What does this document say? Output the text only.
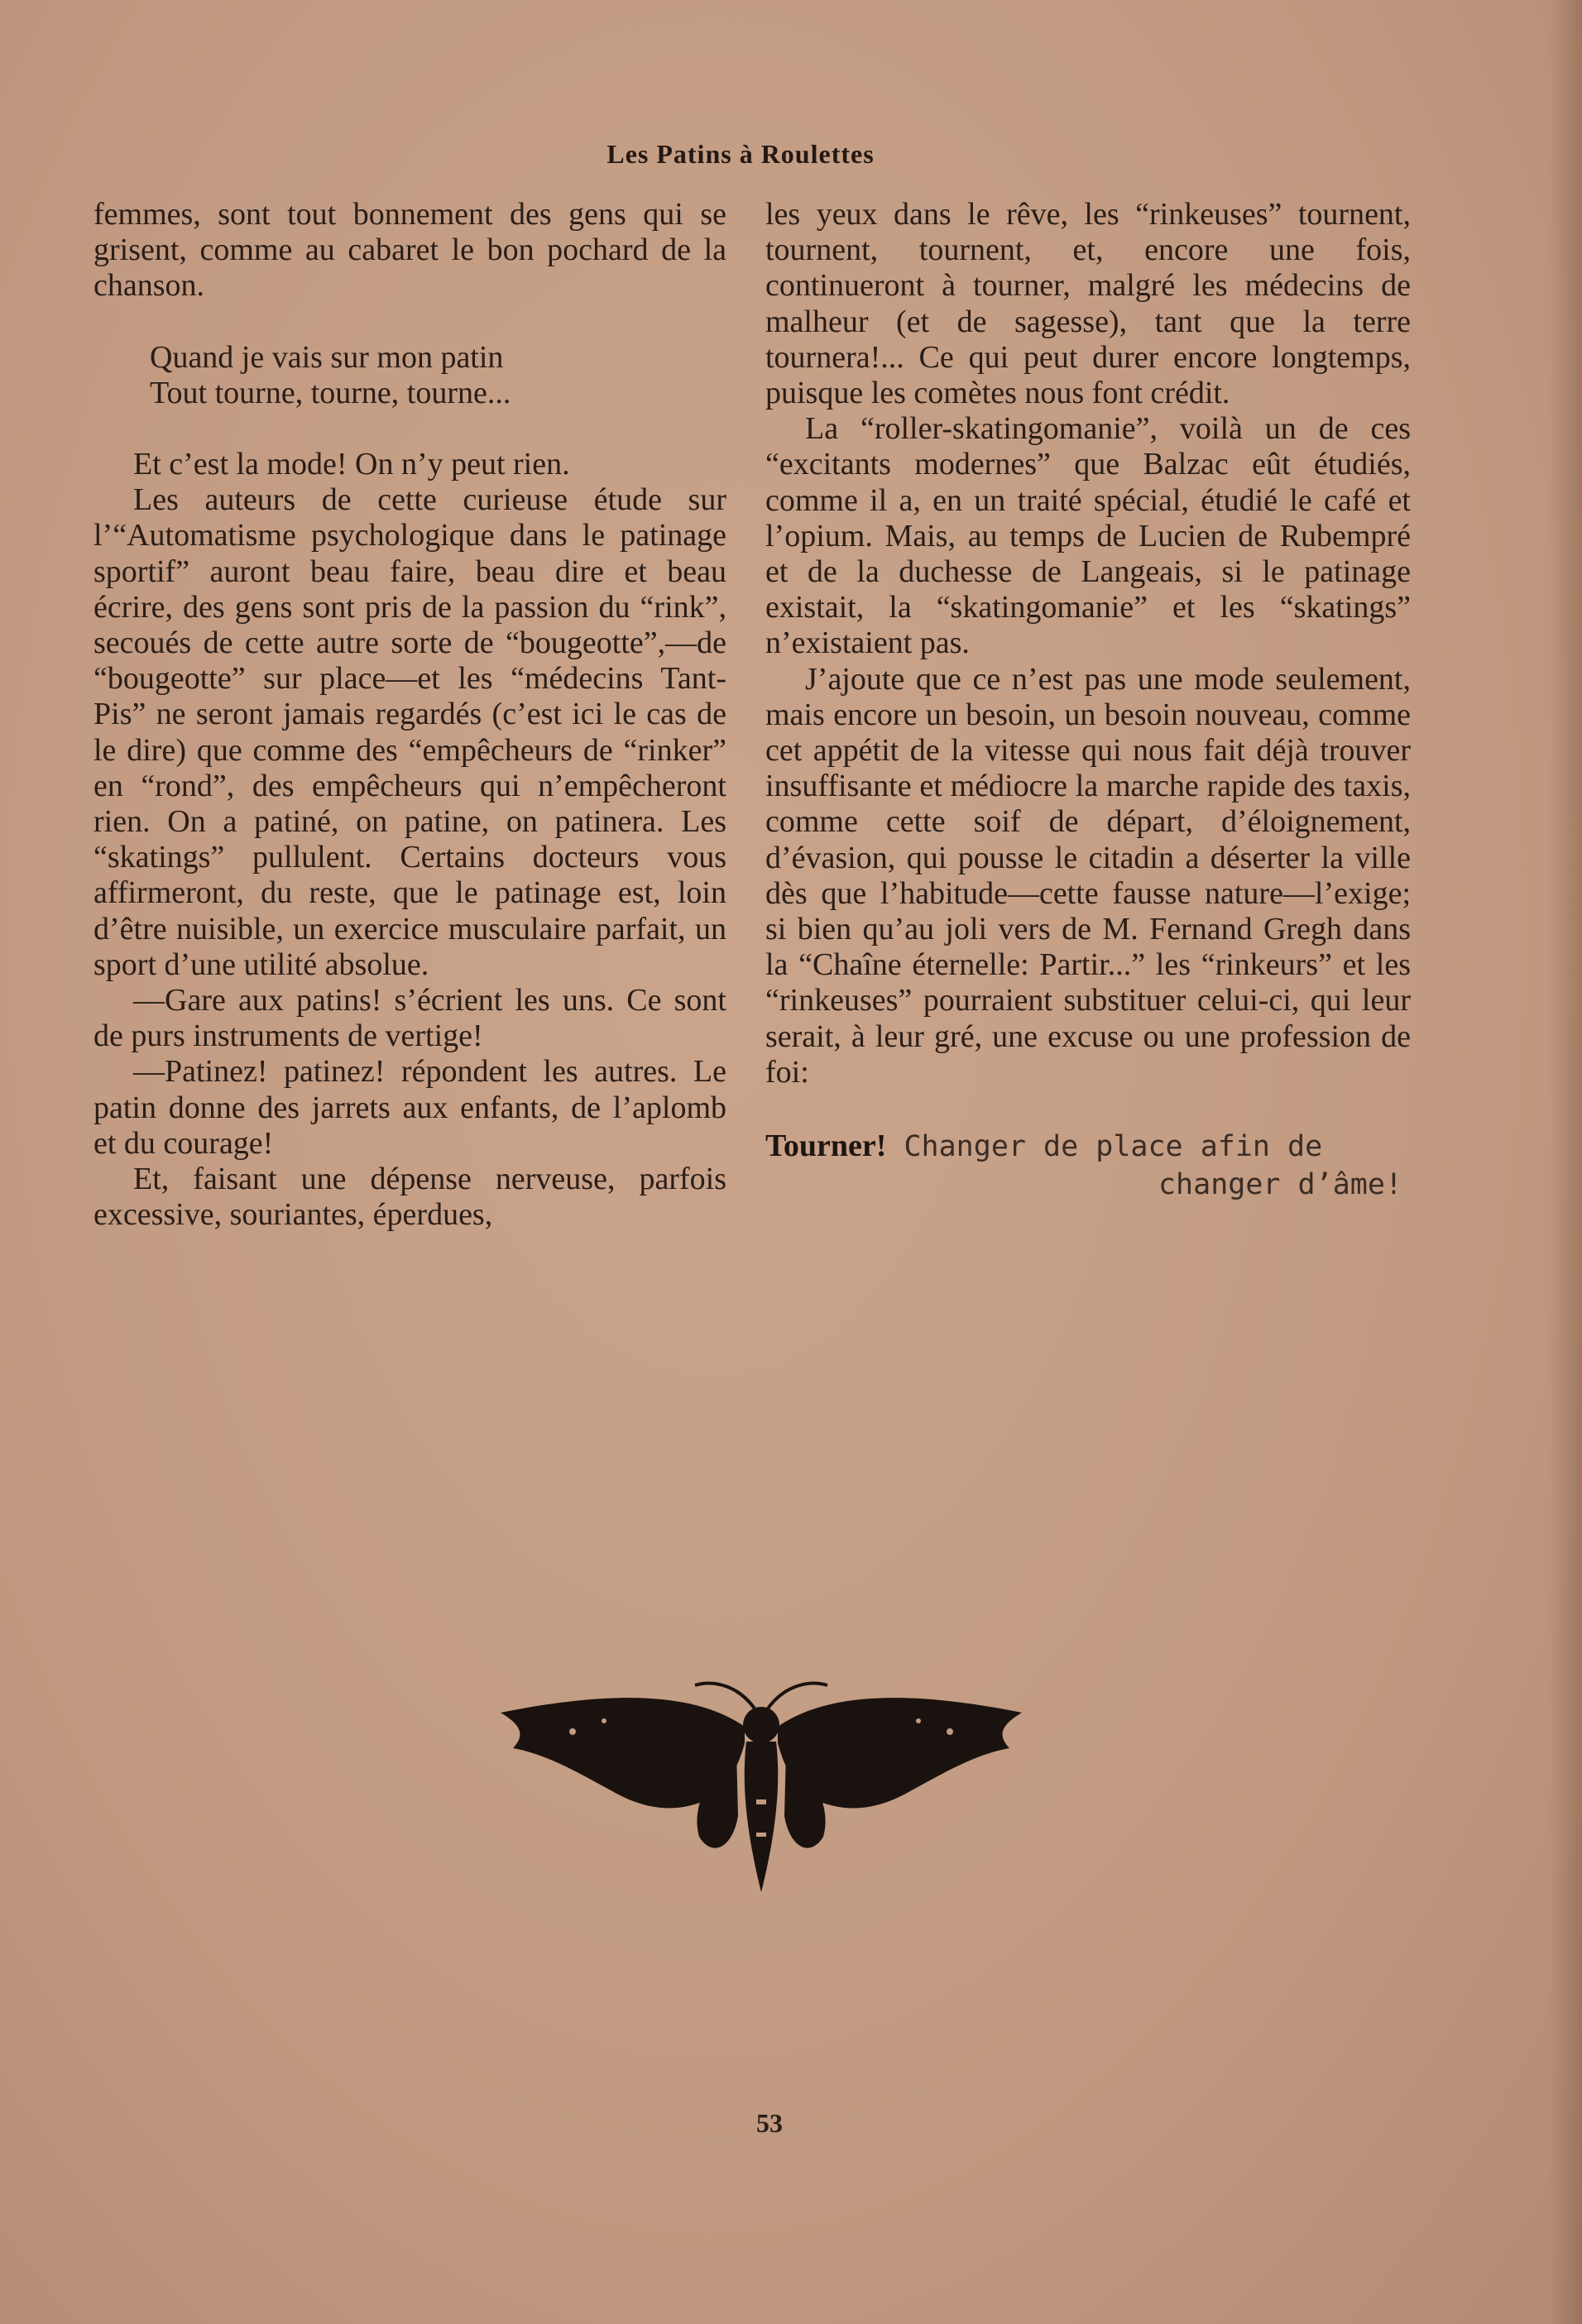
Les Patins à Roulettes

femmes, sont tout bonnement des gens qui se grisent, comme au cabaret le bon pochard de la chanson.

Quand je vais sur mon patin
Tout tourne, tourne, tourne...

Et c’est la mode! On n’y peut rien.

Les auteurs de cette curieuse étude sur l’“Automatisme psychologique dans le patinage sportif” auront beau faire, beau dire et beau écrire, des gens sont pris de la passion du “rink”, secoués de cette autre sorte de “bougeotte”,—de “bougeotte” sur place—et les “médecins Tant-Pis” ne seront jamais regardés (c’est ici le cas de le dire) que comme des “empêcheurs de “rinker” en “rond”, des empêcheurs qui n’empêcheront rien. On a patiné, on patine, on patinera. Les “skatings” pullulent. Certains docteurs vous affirmeront, du reste, que le patinage est, loin d’être nuisible, un exercice musculaire parfait, un sport d’une utilité absolue.

—Gare aux patins! s’écrient les uns. Ce sont de purs instruments de vertige!

—Patinez! patinez! répondent les autres. Le patin donne des jarrets aux enfants, de l’aplomb et du courage!

Et, faisant une dépense nerveuse, parfois excessive, souriantes, éperdues,

les yeux dans le rêve, les “rinkeuses” tournent, tournent, tournent, et, encore une fois, continueront à tourner, malgré les médecins de malheur (et de sagesse), tant que la terre tournera!... Ce qui peut durer encore longtemps, puisque les comètes nous font crédit.

La “roller-skatingomanie”, voilà un de ces “excitants modernes” que Balzac eût étudiés, comme il a, en un traité spécial, étudié le café et l’opium. Mais, au temps de Lucien de Rubempré et de la duchesse de Langeais, si le patinage existait, la “skatingomanie” et les “skatings” n’existaient pas.

J’ajoute que ce n’est pas une mode seulement, mais encore un besoin, un besoin nouveau, comme cet appétit de la vitesse qui nous fait déjà trouver insuffisante et médiocre la marche rapide des taxis, comme cette soif de départ, d’éloignement, d’évasion, qui pousse le citadin a déserter la ville dès que l’habitude—cette fausse nature—l’exige; si bien qu’au joli vers de M. Fernand Gregh dans la “Chaîne éternelle: Partir...” les “rinkeurs” et les “rinkeuses” pourraient substituer celui-ci, qui leur serait, à leur gré, une excuse ou une profession de foi:

Tourner! Changer de place afin de
changer d’âme!

53
